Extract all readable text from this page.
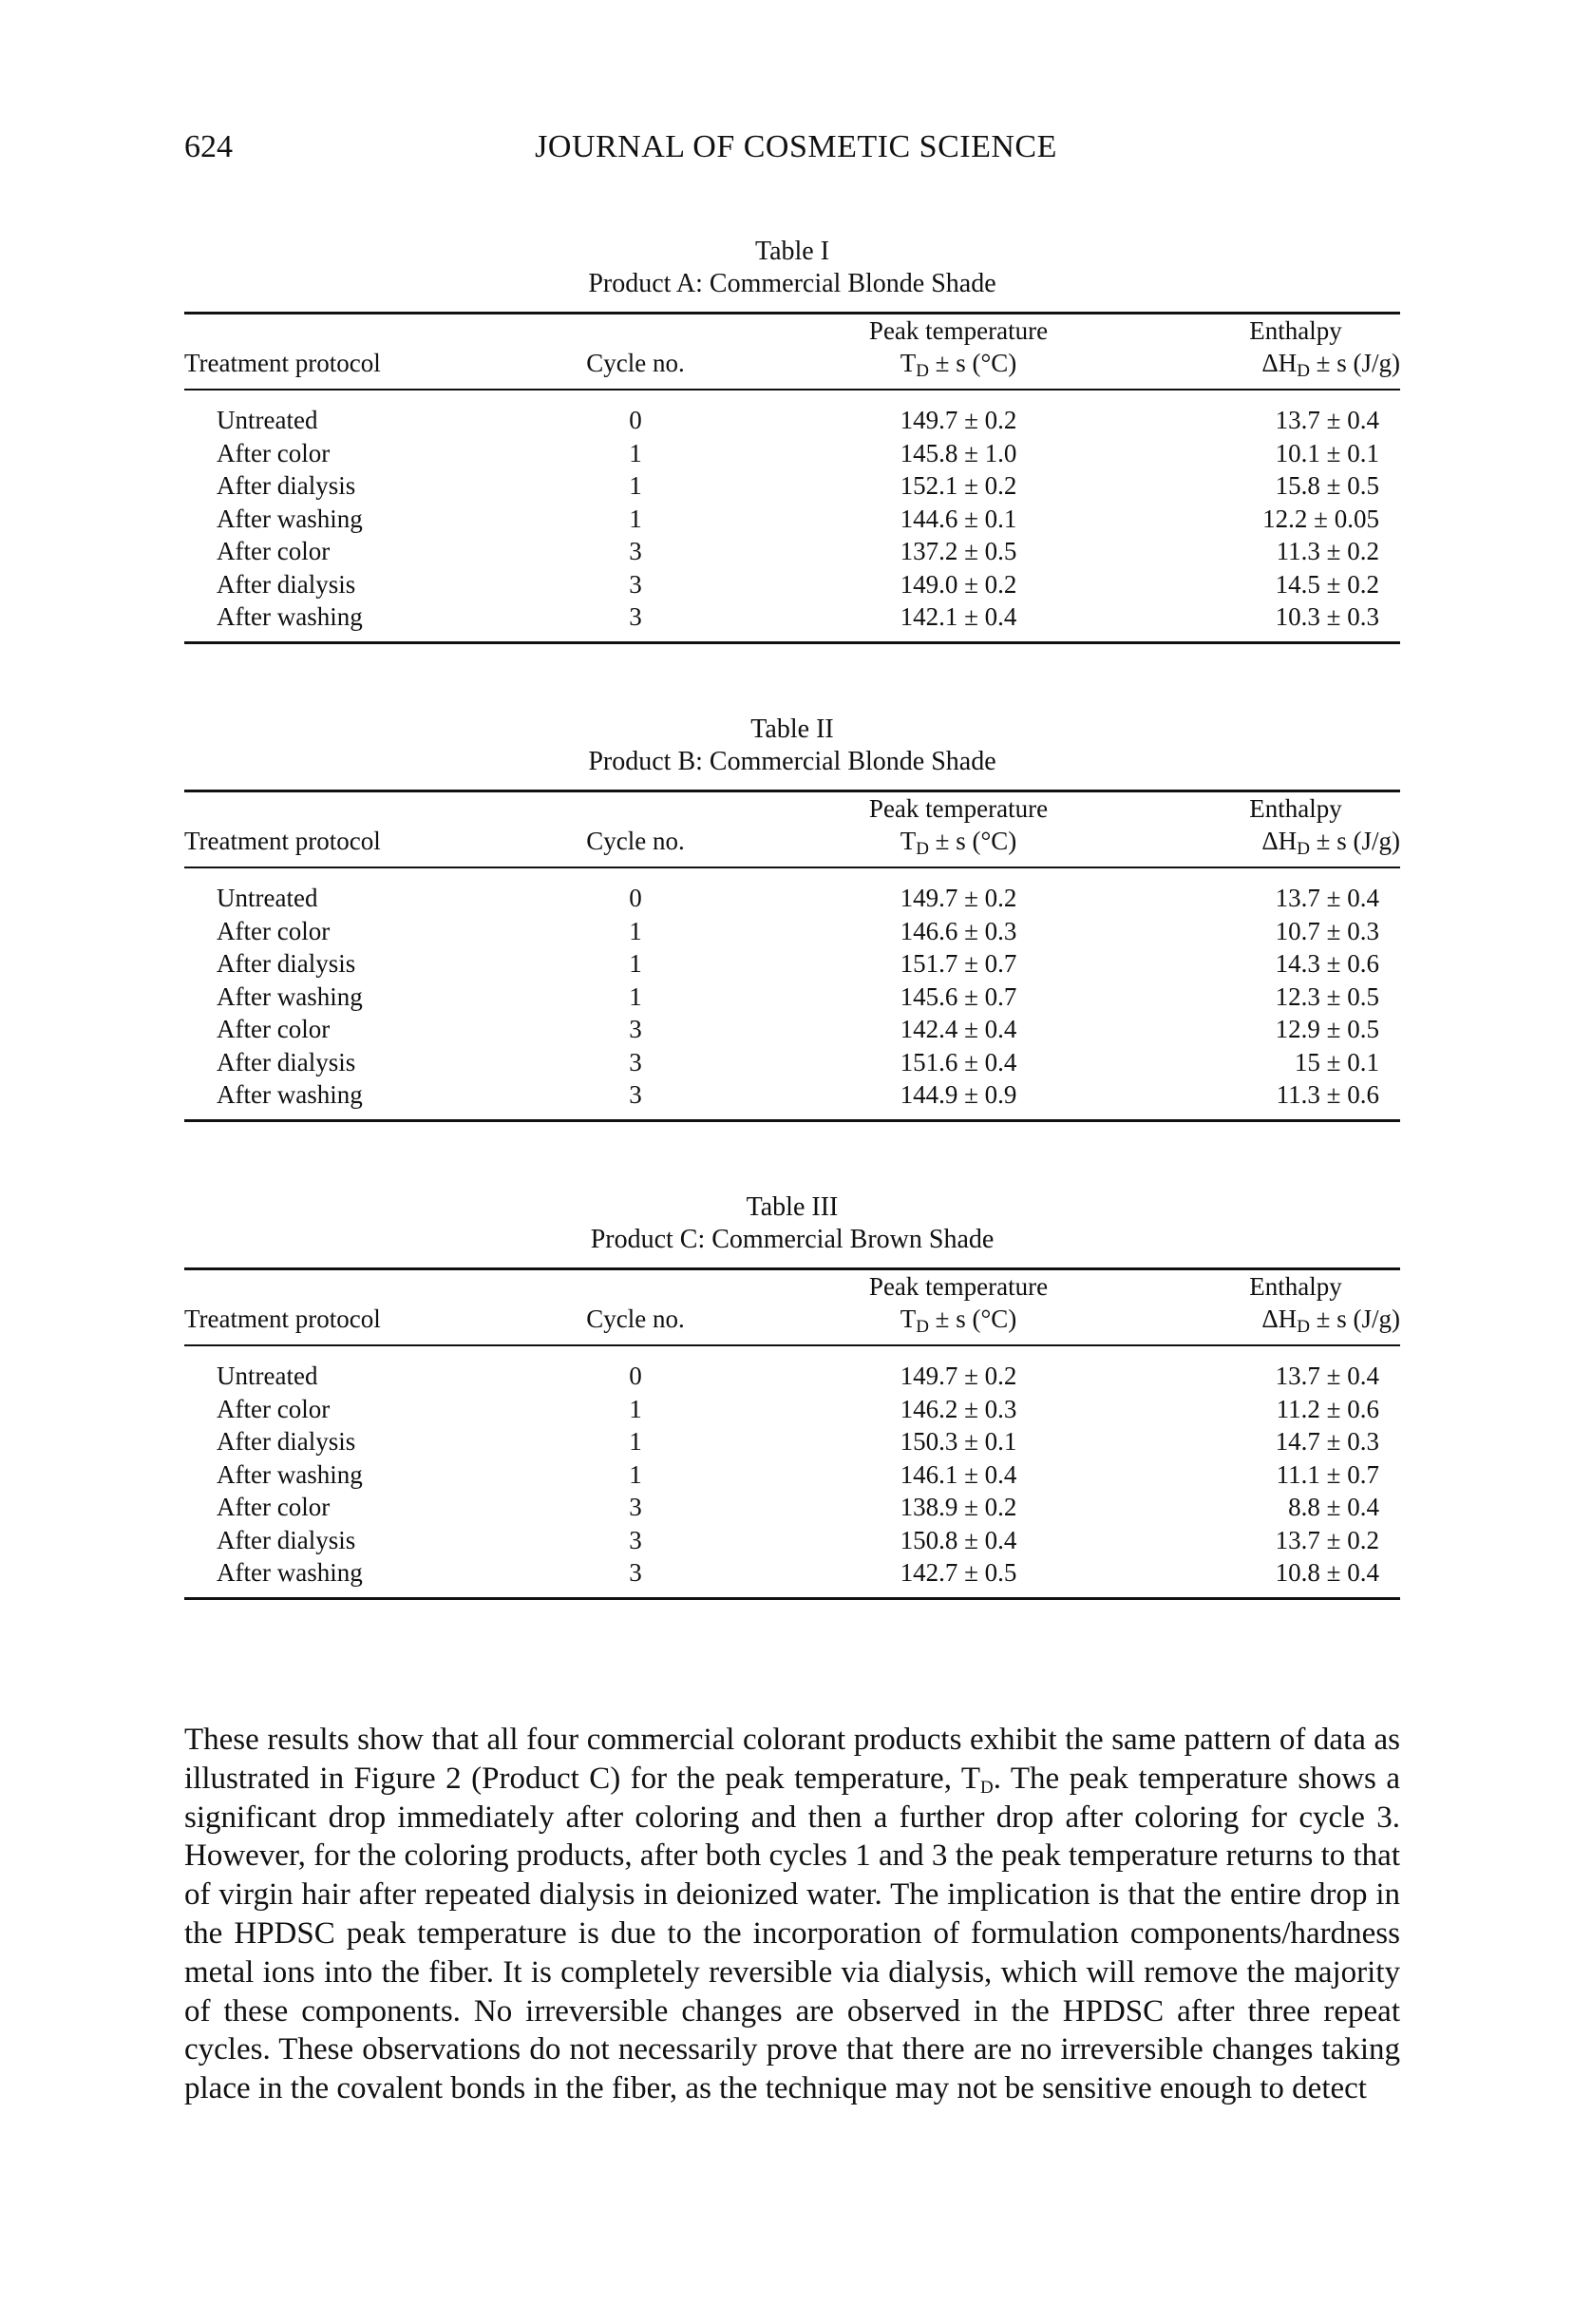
624	JOURNAL OF COSMETIC SCIENCE
Table I
Product A: Commercial Blonde Shade
Treatment protocol	Cycle no.
Peak temperature
$T_D \pm s$ (°C)
Enthalpy
$\Delta H_D \pm s$ (J/g)
Untreated	0	149.7 ± 0.2	13.7 ± 0.4
After color	1	145.8 ± 1.0	10.1 ± 0.1
After dialysis	1	152.1 ± 0.2	15.8 ± 0.5
After washing	1	144.6 ± 0.1	12.2 ± 0.05
After color	3	137.2 ± 0.5	11.3 ± 0.2
After dialysis	3	149.0 ± 0.2	14.5 ± 0.2
After washing	3	142.1 ± 0.4	10.3 ± 0.3
Table II
Product B: Commercial Blonde Shade
Treatment protocol	Cycle no.
Peak temperature
$T_D \pm s$ (°C)
Enthalpy
$\Delta H_D \pm s$ (J/g)
Untreated	0	149.7 ± 0.2	13.7 ± 0.4
After color	1	146.6 ± 0.3	10.7 ± 0.3
After dialysis	1	151.7 ± 0.7	14.3 ± 0.6
After washing	1	145.6 ± 0.7	12.3 ± 0.5
After color	3	142.4 ± 0.4	12.9 ± 0.5
After dialysis	3	151.6 ± 0.4	15 ± 0.1
After washing	3	144.9 ± 0.9	11.3 ± 0.6
Table III
Product C: Commercial Brown Shade
Treatment protocol	Cycle no.
Peak temperature
$T_D \pm s$ (°C)
Enthalpy
$\Delta H_D \pm s$ (J/g)
Untreated	0	149.7 ± 0.2	13.7 ± 0.4
After color	1	146.2 ± 0.3	11.2 ± 0.6
After dialysis	1	150.3 ± 0.1	14.7 ± 0.3
After washing	1	146.1 ± 0.4	11.1 ± 0.7
After color	3	138.9 ± 0.2	8.8 ± 0.4
After dialysis	3	150.8 ± 0.4	13.7 ± 0.2
After washing	3	142.7 ± 0.5	10.8 ± 0.4

These results show that all four commercial colorant products exhibit the same pattern of data as illustrated in Figure 2 (Product C) for the peak temperature, $T_D$. The peak temperature shows a significant drop immediately after coloring and then a further drop after coloring for cycle 3. However, for the coloring products, after both cycles 1 and 3 the peak temperature returns to that of virgin hair after repeated dialysis in deionized water. The implication is that the entire drop in the HPDSC peak temperature is due to the incorporation of formulation components/hardness metal ions into the fiber. It is completely reversible via dialysis, which will remove the majority of these components. No irreversible changes are observed in the HPDSC after three repeat cycles. These observations do not necessarily prove that there are no irreversible changes taking place in the covalent bonds in the fiber, as the technique may not be sensitive enough to detect
